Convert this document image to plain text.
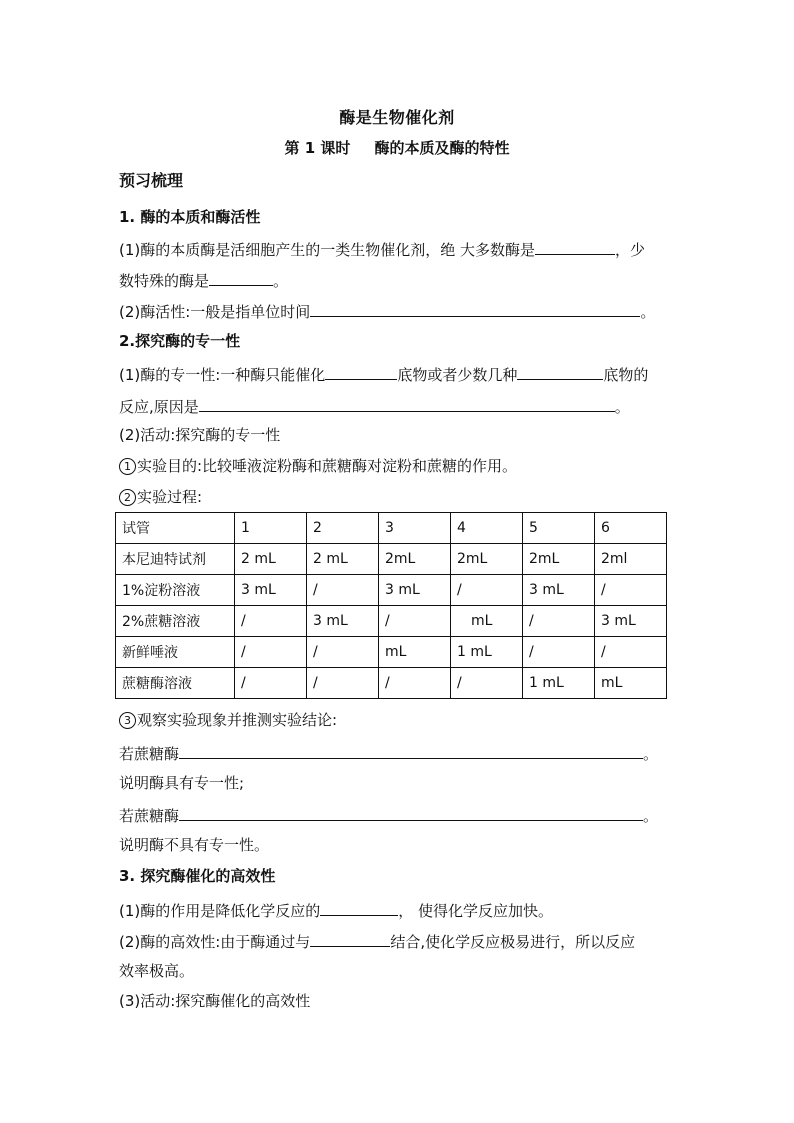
酶是生物催化剂
第 1 课时 酶的本质及酶的特性
预习梳理
1. 酶的本质和酶活性
(1)酶的本质酶是活细胞产生的一类生物催化剂，绝 大多数酶是	，少
数特殊的酶是	。
(2)酶活性:一般是指单位时间	。
2.探究酶的专一性
(1)酶的专一性:一种酶只能催化	底物或者少数几种	底物的
反应,原因是	。
(2)活动:探究酶的专一性
1 实验目的:比较唾液淀粉酶和蔗糖酶对淀粉和蔗糖的作用。
2 实验过程:
试管	1	2	3	4	5	6
本尼迪特试剂	2 mL	2 mL	2mL	2mL	2mL	2ml
1%淀粉溶液	3 mL	/	3 mL	/	3 mL	/
2%蔗糖溶液	/	3 mL	/	mL	/	3 mL
新鲜唾液	/	/	mL	1 mL	/	/
蔗糖酶溶液	/	/	/	/	1 mL	mL
3 观察实验现象并推测实验结论:
若蔗糖酶	。
说明酶具有专一性;
若蔗糖酶	。
说明酶不具有专一性。
3. 探究酶催化的高效性
(1)酶的作用是降低化学反应的	， 使得化学反应加快。
(2)酶的高效性:由于酶通过与	结合,使化学反应极易进行，所以反应
效率极高。
(3)活动:探究酶催化的高效性
